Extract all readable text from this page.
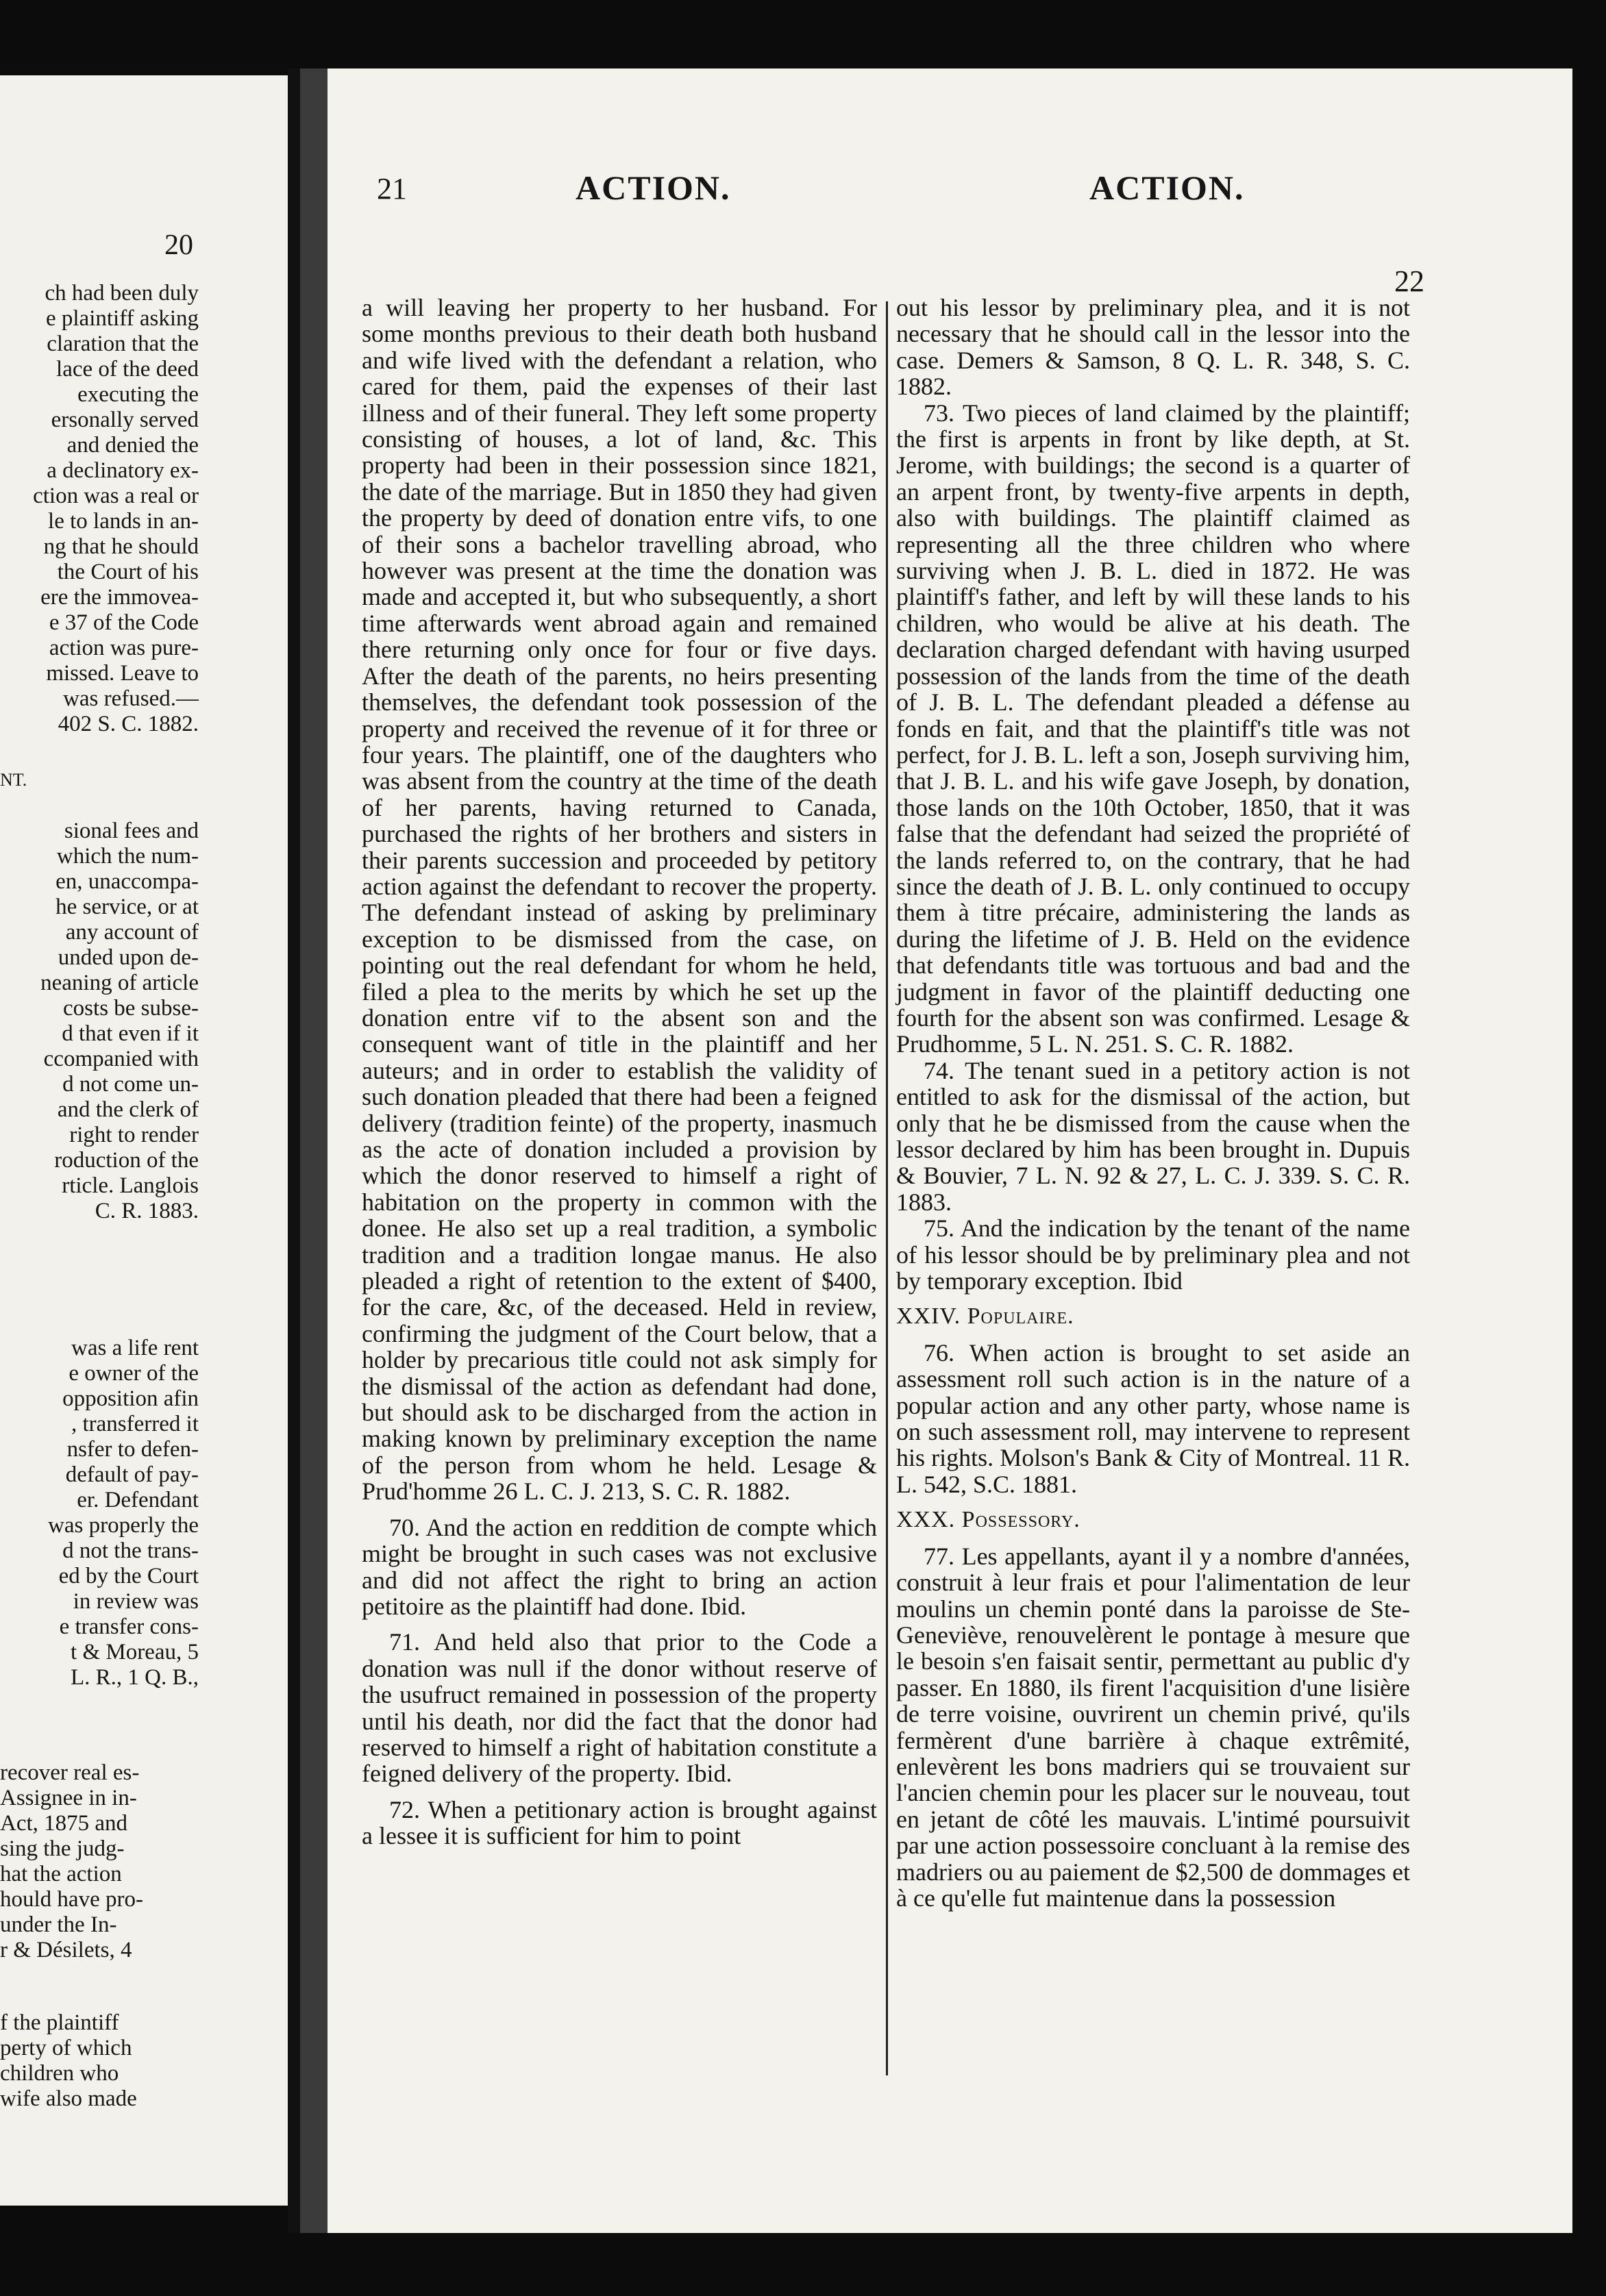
20
ch had been duly
e plaintiff asking
claration that the
lace of the deed
executing the
ersonally served
and denied the
a declinatory ex-
ction was a real or
le to lands in an-
ng that he should
the Court of his
ere the immovea-
e 37 of the Code
action was pure-
missed. Leave to
was refused.—
402 S. C. 1882.
NT.
sional fees and
which the num-
en, unaccompa-
he service, or at
any account of
unded upon de-
neaning of article
costs be subse-
d that even if it
ccompanied with
d not come un-
and the clerk of
right to render
roduction of the
rticle. Langlois
C. R. 1883.
was a life rent
e owner of the
opposition afin
, transferred it
nsfer to defen-
default of pay-
er. Defendant
was properly the
d not the trans-
ed by the Court
in review was
e transfer cons-
t & Moreau, 5
L. R., 1 Q. B.,
recover real es-
Assignee in in-
Act, 1875 and
sing the judg-
hat the action
hould have pro-
under the In-
r & Désilets, 4
f the plaintiff
perty of which
children who
wife also made
21	ACTION.	ACTION.
22

a will leaving her property to her husband. For some months previous to their death both husband and wife lived with the defendant a relation, who cared for them, paid the expenses of their last illness and of their funeral. They left some property consisting of houses, a lot of land, &c. This property had been in their possession since 1821, the date of the marriage. But in 1850 they had given the property by deed of donation entre vifs, to one of their sons a bachelor travelling abroad, who however was present at the time the donation was made and accepted it, but who subsequently, a short time afterwards went abroad again and remained there returning only once for four or five days. After the death of the parents, no heirs presenting themselves, the defendant took possession of the property and received the revenue of it for three or four years. The plaintiff, one of the daughters who was absent from the country at the time of the death of her parents, having returned to Canada, purchased the rights of her brothers and sisters in their parents succession and proceeded by petitory action against the defendant to recover the property. The defendant instead of asking by preliminary exception to be dismissed from the case, on pointing out the real defendant for whom he held, filed a plea to the merits by which he set up the donation entre vif to the absent son and the consequent want of title in the plaintiff and her auteurs; and in order to establish the validity of such donation pleaded that there had been a feigned delivery (tradition feinte) of the property, inasmuch as the acte of donation included a provision by which the donor reserved to himself a right of habitation on the property in common with the donee. He also set up a real tradition, a symbolic tradition and a tradition longae manus. He also pleaded a right of retention to the extent of $400, for the care, &c, of the deceased. Held in review, confirming the judgment of the Court below, that a holder by precarious title could not ask simply for the dismissal of the action as defendant had done, but should ask to be discharged from the action in making known by preliminary exception the name of the person from whom he held. Lesage & Prud'homme 26 L. C. J. 213, S. C. R. 1882.

70. And the action en reddition de compte which might be brought in such cases was not exclusive and did not affect the right to bring an action petitoire as the plaintiff had done. Ibid.

71. And held also that prior to the Code a donation was null if the donor without reserve of the usufruct remained in possession of the property until his death, nor did the fact that the donor had reserved to himself a right of habitation constitute a feigned delivery of the property. Ibid.

72. When a petitionary action is brought against a lessee it is sufficient for him to point

out his lessor by preliminary plea, and it is not necessary that he should call in the lessor into the case. Demers & Samson, 8 Q. L. R. 348, S. C. 1882.

73. Two pieces of land claimed by the plaintiff; the first is arpents in front by like depth, at St. Jerome, with buildings; the second is a quarter of an arpent front, by twenty-five arpents in depth, also with buildings. The plaintiff claimed as representing all the three children who where surviving when J. B. L. died in 1872. He was plaintiff's father, and left by will these lands to his children, who would be alive at his death. The declaration charged defendant with having usurped possession of the lands from the time of the death of J. B. L. The defendant pleaded a défense au fonds en fait, and that the plaintiff's title was not perfect, for J. B. L. left a son, Joseph surviving him, that J. B. L. and his wife gave Joseph, by donation, those lands on the 10th October, 1850, that it was false that the defendant had seized the propriété of the lands referred to, on the contrary, that he had since the death of J. B. L. only continued to occupy them à titre précaire, administering the lands as during the lifetime of J. B. Held on the evidence that defendants title was tortuous and bad and the judgment in favor of the plaintiff deducting one fourth for the absent son was confirmed. Lesage & Prudhomme, 5 L. N. 251. S. C. R. 1882.

74. The tenant sued in a petitory action is not entitled to ask for the dismissal of the action, but only that he be dismissed from the cause when the lessor declared by him has been brought in. Dupuis & Bouvier, 7 L. N. 92 & 27, L. C. J. 339. S. C. R. 1883.

75. And the indication by the tenant of the name of his lessor should be by preliminary plea and not by temporary exception. Ibid

XXIV. Populaire.

76. When action is brought to set aside an assessment roll such action is in the nature of a popular action and any other party, whose name is on such assessment roll, may intervene to represent his rights. Molson's Bank & City of Montreal. 11 R. L. 542, S.C. 1881.

XXX. Possessory.

77. Les appellants, ayant il y a nombre d'années, construit à leur frais et pour l'alimentation de leur moulins un chemin ponté dans la paroisse de Ste-Geneviève, renouvelèrent le pontage à mesure que le besoin s'en faisait sentir, permettant au public d'y passer. En 1880, ils firent l'acquisition d'une lisière de terre voisine, ouvrirent un chemin privé, qu'ils fermèrent d'une barrière à chaque extrêmité, enlevèrent les bons madriers qui se trouvaient sur l'ancien chemin pour les placer sur le nouveau, tout en jetant de côté les mauvais. L'intimé poursuivit par une action possessoire concluant à la remise des madriers ou au paiement de $2,500 de dommages et à ce qu'elle fut maintenue dans la possession
